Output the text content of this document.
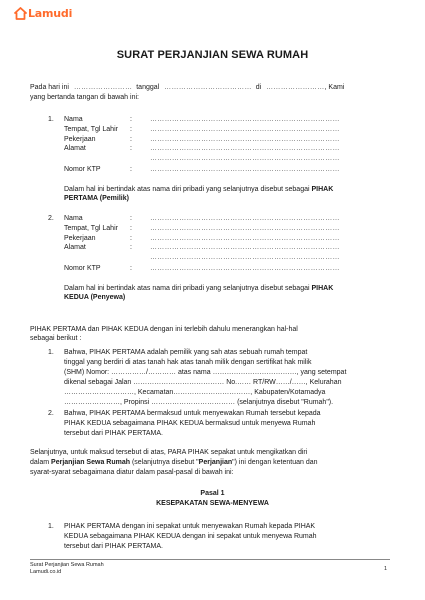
Lamudi
SURAT PERJANJIAN SEWA RUMAH
Pada hari ini …………………… tanggal ……………………………… di ……………………, Kami
yang bertanda tangan di bawah ini:
1. Nama	:	……………………………………………………………………
Tempat, Tgl Lahir :	……………………………………………………………………
Pekerjaan	:	……………………………………………………………………
Alamat	:	……………………………………………………………………
……………………………………………………………………
Nomor KTP	:	……………………………………………………………………
Dalam hal ini bertindak atas nama diri pribadi yang selanjutnya disebut sebagai PIHAK
PERTAMA (Pemilik)
2. Nama	:	……………………………………………………………………
Tempat, Tgl Lahir :	……………………………………………………………………
Pekerjaan	:	……………………………………………………………………
Alamat	:	……………………………………………………………………
……………………………………………………………………
Nomor KTP	:	……………………………………………………………………
Dalam hal ini bertindak atas nama diri pribadi yang selanjutnya disebut sebagai PIHAK
KEDUA (Penyewa)
PIHAK PERTAMA dan PIHAK KEDUA dengan ini terlebih dahulu menerangkan hal-hal
sebagai berikut :
1. Bahwa, PIHAK PERTAMA adalah pemilik yang sah atas sebuah rumah tempat
tinggal yang berdiri di atas tanah hak atas tanah milik dengan sertifikat hak milik
(SHM) Nomor: ……………/………… atas nama ………………………………, yang setempat
dikenal sebagai Jalan ………………………………… No.…… RT/RW……/……, Kelurahan
…………………………, Kecamatan……………………………, Kabupaten/Kotamadya
……………………, Propinsi ……………………………… (selanjutnya disebut "Rumah").
2. Bahwa, PIHAK PERTAMA bermaksud untuk menyewakan Rumah tersebut kepada
PIHAK KEDUA sebagaimana PIHAK KEDUA bermaksud untuk menyewa Rumah
tersebut dari PIHAK PERTAMA.
Selanjutnya, untuk maksud tersebut di atas, PARA PIHAK sepakat untuk mengikatkan diri
dalam Perjanjian Sewa Rumah (selanjutnya disebut "Perjanjian") ini dengan ketentuan dan
syarat-syarat sebagaimana diatur dalam pasal-pasal di bawah ini:
Pasal 1
KESEPAKATAN SEWA-MENYEWA
1. PIHAK PERTAMA dengan ini sepakat untuk menyewakan Rumah kepada PIHAK
KEDUA sebagaimana PIHAK KEDUA dengan ini sepakat untuk menyewa Rumah
tersebut dari PIHAK PERTAMA.
Surat Perjanjian Sewa Rumah
Lamudi.co.id	1
